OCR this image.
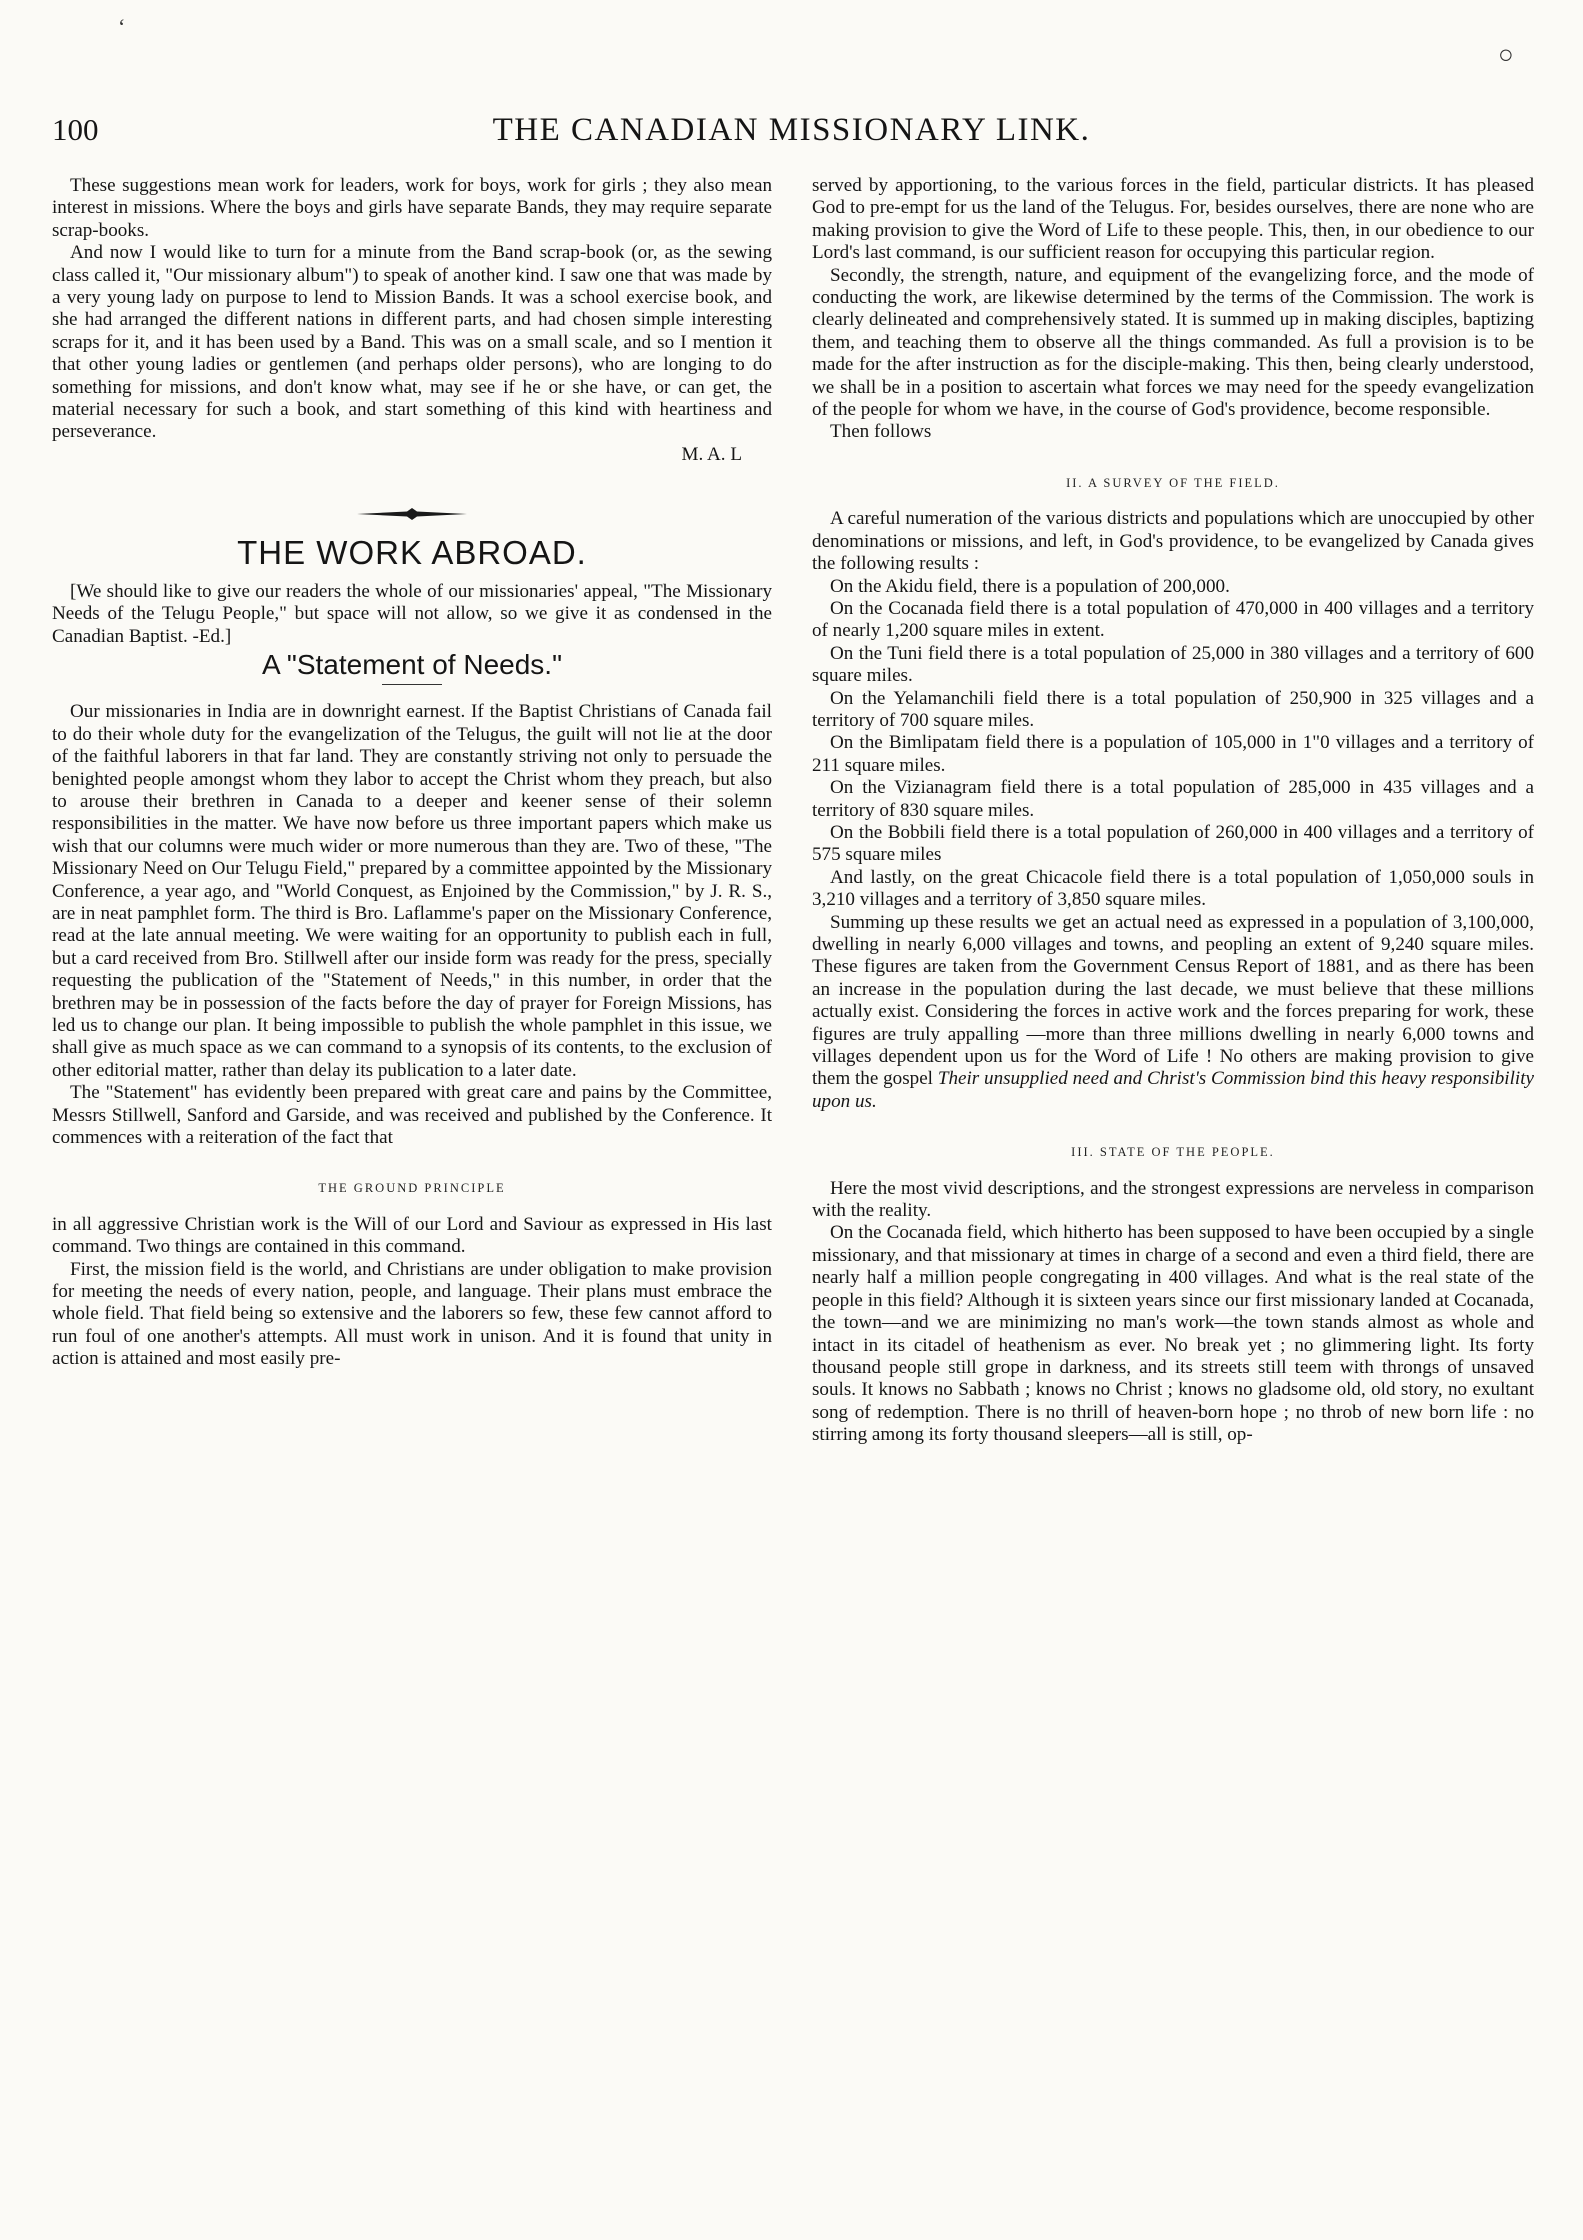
‘
○
100	THE CANADIAN MISSIONARY LINK.

These suggestions mean work for leaders, work for boys, work for girls ; they also mean interest in missions. Where the boys and girls have separate Bands, they may require separate scrap-books.

And now I would like to turn for a minute from the Band scrap-book (or, as the sewing class called it, "Our missionary album") to speak of another kind. I saw one that was made by a very young lady on purpose to lend to Mission Bands. It was a school exercise book, and she had arranged the different nations in different parts, and had chosen simple interesting scraps for it, and it has been used by a Band. This was on a small scale, and so I mention it that other young ladies or gentlemen (and perhaps older persons), who are longing to do something for missions, and don't know what, may see if he or she have, or can get, the material necessary for such a book, and start something of this kind with heartiness and perseverance.

M. A. L

THE WORK ABROAD.

[We should like to give our readers the whole of our missionaries' appeal, "The Missionary Needs of the Telugu People," but space will not allow, so we give it as condensed in the Canadian Baptist. -Ed.]

A "Statement of Needs."

Our missionaries in India are in downright earnest. If the Baptist Christians of Canada fail to do their whole duty for the evangelization of the Telugus, the guilt will not lie at the door of the faithful laborers in that far land. They are constantly striving not only to persuade the benighted people amongst whom they labor to accept the Christ whom they preach, but also to arouse their brethren in Canada to a deeper and keener sense of their solemn responsibilities in the matter. We have now before us three important papers which make us wish that our columns were much wider or more numerous than they are. Two of these, "The Missionary Need on Our Telugu Field," prepared by a committee appointed by the Missionary Conference, a year ago, and "World Conquest, as Enjoined by the Commission," by J. R. S., are in neat pamphlet form. The third is Bro. Laflamme's paper on the Missionary Conference, read at the late annual meeting. We were waiting for an opportunity to publish each in full, but a card received from Bro. Stillwell after our inside form was ready for the press, specially requesting the publication of the "Statement of Needs," in this number, in order that the brethren may be in possession of the facts before the day of prayer for Foreign Missions, has led us to change our plan. It being impossible to publish the whole pamphlet in this issue, we shall give as much space as we can command to a synopsis of its contents, to the exclusion of other editorial matter, rather than delay its publication to a later date.

The "Statement" has evidently been prepared with great care and pains by the Committee, Messrs Stillwell, Sanford and Garside, and was received and published by the Conference. It commences with a reiteration of the fact that

THE GROUND PRINCIPLE

in all aggressive Christian work is the Will of our Lord and Saviour as expressed in His last command. Two things are contained in this command.

First, the mission field is the world, and Christians are under obligation to make provision for meeting the needs of every nation, people, and language. Their plans must embrace the whole field. That field being so extensive and the laborers so few, these few cannot afford to run foul of one another's attempts. All must work in unison. And it is found that unity in action is attained and most easily pre-

served by apportioning, to the various forces in the field, particular districts. It has pleased God to pre-empt for us the land of the Telugus. For, besides ourselves, there are none who are making provision to give the Word of Life to these people. This, then, in our obedience to our Lord's last command, is our sufficient reason for occupying this particular region.

Secondly, the strength, nature, and equipment of the evangelizing force, and the mode of conducting the work, are likewise determined by the terms of the Commission. The work is clearly delineated and comprehensively stated. It is summed up in making disciples, baptizing them, and teaching them to observe all the things commanded. As full a provision is to be made for the after instruction as for the disciple-making. This then, being clearly understood, we shall be in a position to ascertain what forces we may need for the speedy evangelization of the people for whom we have, in the course of God's providence, become responsible.

Then follows

II. A SURVEY OF THE FIELD.

A careful numeration of the various districts and populations which are unoccupied by other denominations or missions, and left, in God's providence, to be evangelized by Canada gives the following results :

On the Akidu field, there is a population of 200,000.

On the Cocanada field there is a total population of 470,000 in 400 villages and a territory of nearly 1,200 square miles in extent.

On the Tuni field there is a total population of 25,000 in 380 villages and a territory of 600 square miles.

On the Yelamanchili field there is a total population of 250,900 in 325 villages and a territory of 700 square miles.

On the Bimlipatam field there is a population of 105,000 in 1"0 villages and a territory of 211 square miles.

On the Vizianagram field there is a total population of 285,000 in 435 villages and a territory of 830 square miles.

On the Bobbili field there is a total population of 260,000 in 400 villages and a territory of 575 square miles

And lastly, on the great Chicacole field there is a total population of 1,050,000 souls in 3,210 villages and a territory of 3,850 square miles.

Summing up these results we get an actual need as expressed in a population of 3,100,000, dwelling in nearly 6,000 villages and towns, and peopling an extent of 9,240 square miles. These figures are taken from the Government Census Report of 1881, and as there has been an increase in the population during the last decade, we must believe that these millions actually exist. Considering the forces in active work and the forces preparing for work, these figures are truly appalling —more than three millions dwelling in nearly 6,000 towns and villages dependent upon us for the Word of Life ! No others are making provision to give them the gospel Their unsupplied need and Christ's Commission bind this heavy responsibility upon us.

III. STATE OF THE PEOPLE.

Here the most vivid descriptions, and the strongest expressions are nerveless in comparison with the reality.

On the Cocanada field, which hitherto has been supposed to have been occupied by a single missionary, and that missionary at times in charge of a second and even a third field, there are nearly half a million people congregating in 400 villages. And what is the real state of the people in this field? Although it is sixteen years since our first missionary landed at Cocanada, the town—and we are minimizing no man's work—the town stands almost as whole and intact in its citadel of heathenism as ever. No break yet ; no glimmering light. Its forty thousand people still grope in darkness, and its streets still teem with throngs of unsaved souls. It knows no Sabbath ; knows no Christ ; knows no gladsome old, old story, no exultant song of redemption. There is no thrill of heaven-born hope ; no throb of new born life : no stirring among its forty thousand sleepers—all is still, op-
